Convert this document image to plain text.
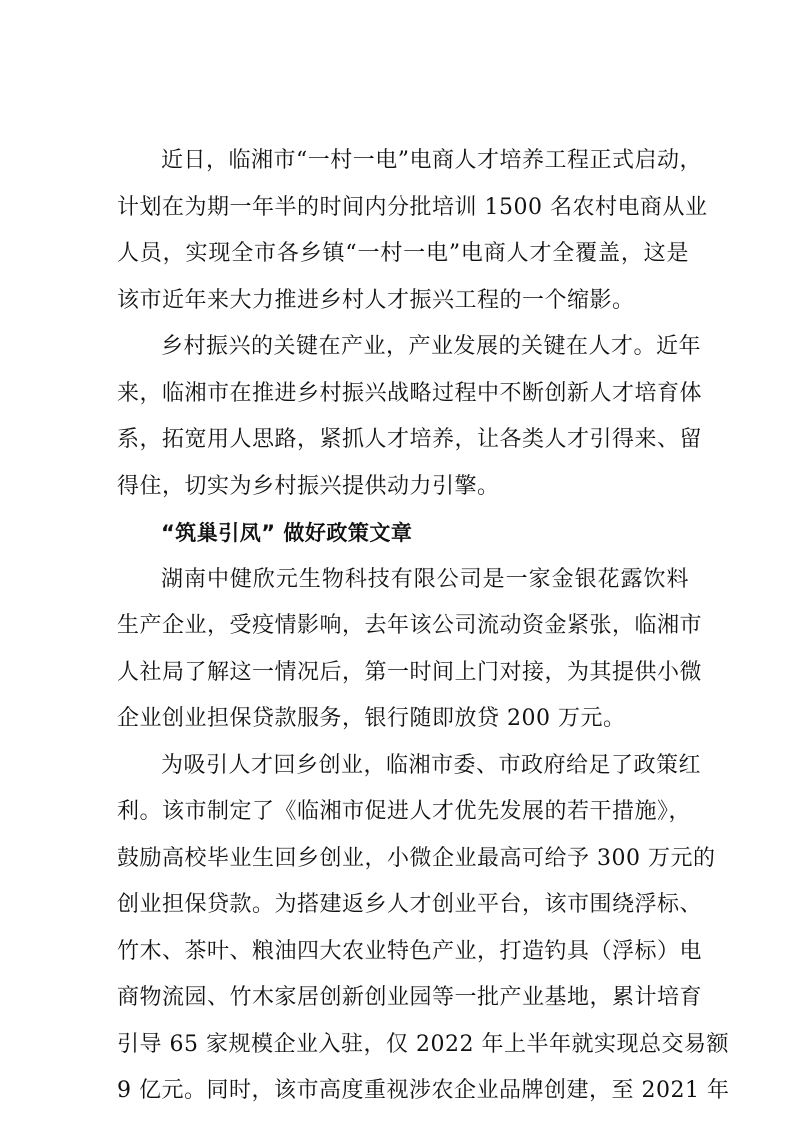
近日，临湘市“一村一电”电商人才培养工程正式启动，
计划在为期一年半的时间内分批培训 1500 名农村电商从业
人员，实现全市各乡镇“一村一电”电商人才全覆盖，这是
该市近年来大力推进乡村人才振兴工程的一个缩影。
乡村振兴的关键在产业，产业发展的关键在人才。近年
来，临湘市在推进乡村振兴战略过程中不断创新人才培育体
系，拓宽用人思路，紧抓人才培养，让各类人才引得来、留
得住，切实为乡村振兴提供动力引擎。
“筑巢引凤” 做好政策文章
湖南中健欣元生物科技有限公司是一家金银花露饮料
生产企业，受疫情影响，去年该公司流动资金紧张，临湘市
人社局了解这一情况后，第一时间上门对接，为其提供小微
企业创业担保贷款服务，银行随即放贷 200 万元。
为吸引人才回乡创业，临湘市委、市政府给足了政策红
利。该市制定了《临湘市促进人才优先发展的若干措施》，
鼓励高校毕业生回乡创业，小微企业最高可给予 300 万元的
创业担保贷款。为搭建返乡人才创业平台，该市围绕浮标、
竹木、茶叶、粮油四大农业特色产业，打造钓具（浮标）电
商物流园、竹木家居创新创业园等一批产业基地，累计培育
引导 65 家规模企业入驻，仅 2022 年上半年就实现总交易额
9 亿元。同时，该市高度重视涉农企业品牌创建，至 2021 年
